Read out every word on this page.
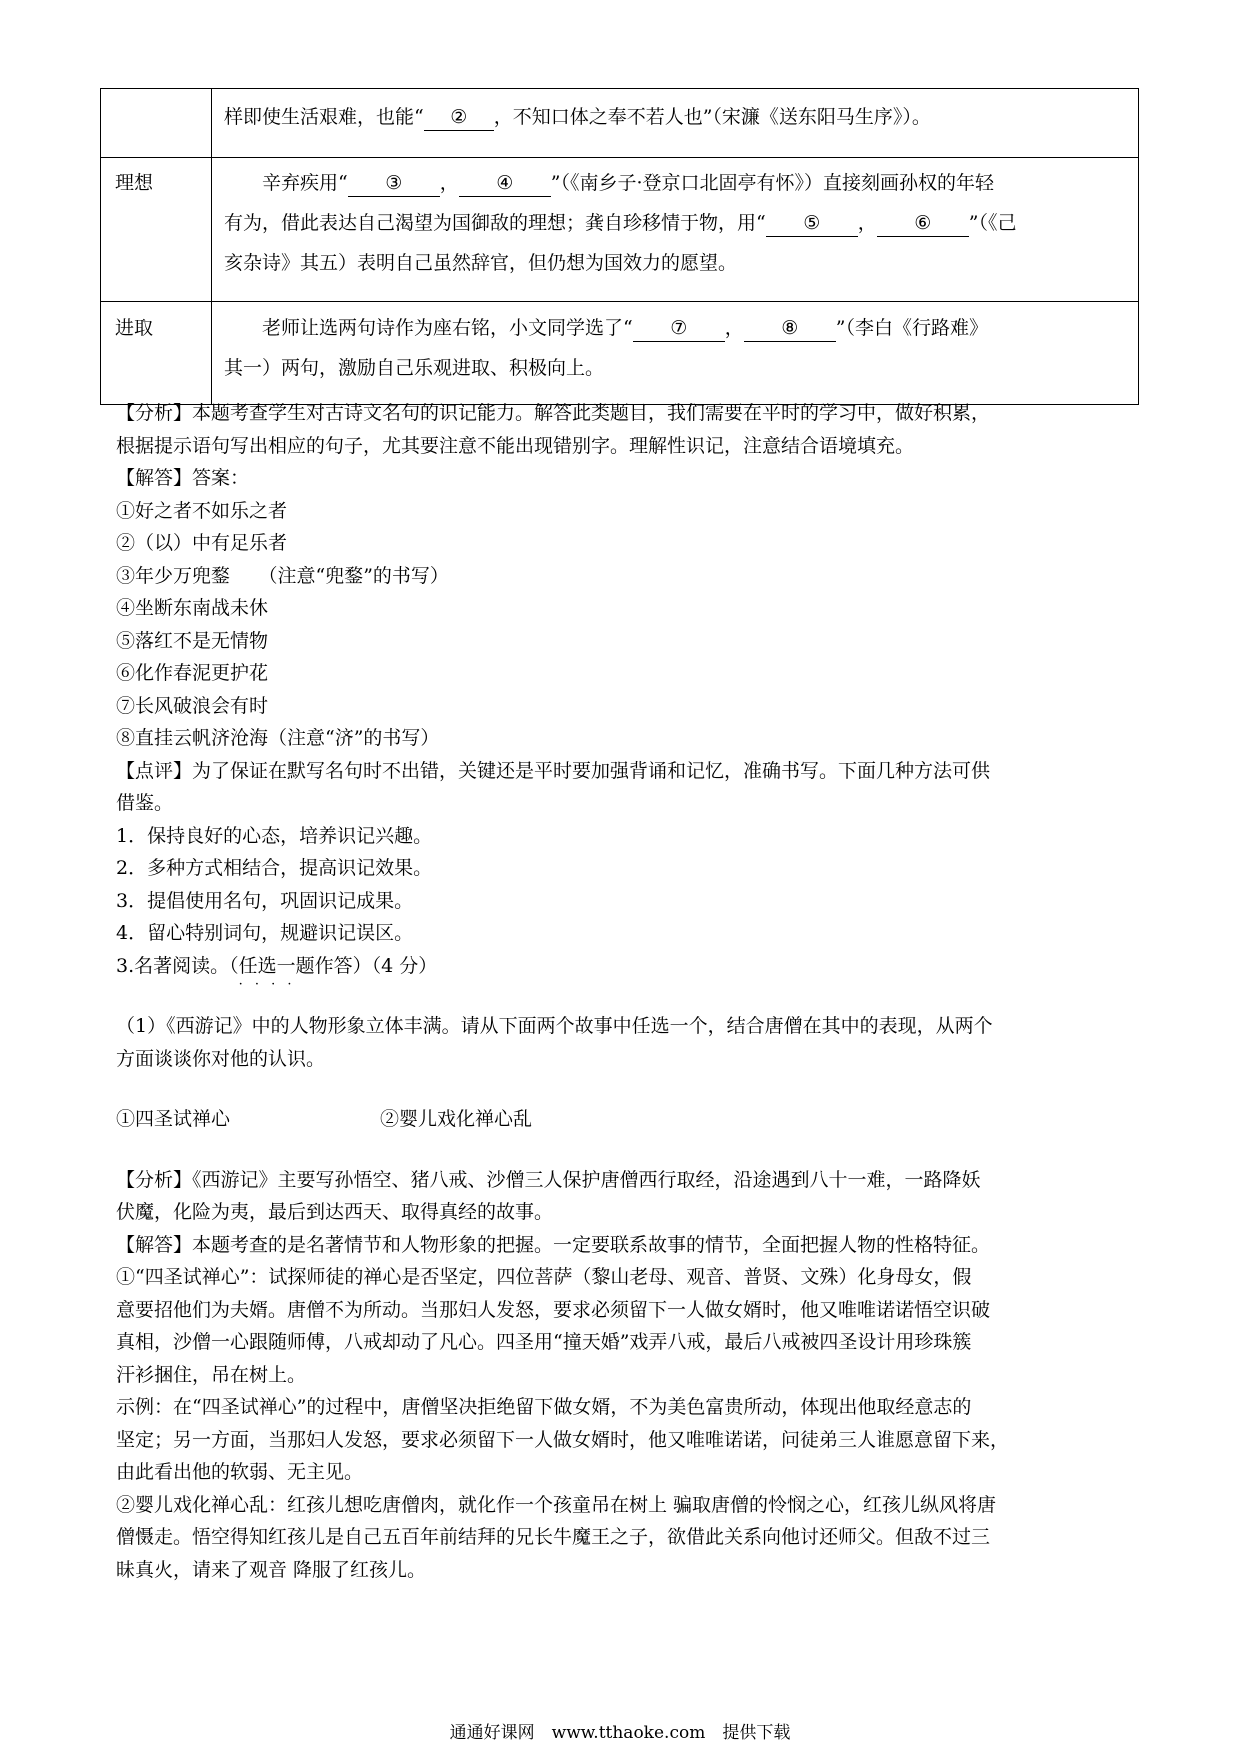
	样即使生活艰难，也能“ ② ，不知口体之奉不若人也”（宋濂《送东阳马生序》）。
理想	辛弃疾用“ ③ ， ④ ”（《南乡子·登京口北固亭有怀》）直接刻画孙权的年轻
有为，借此表达自己渴望为国御敌的理想；龚自珍移情于物，用“ ⑤ ， ⑥ ”（《己
亥杂诗》其五）表明自己虽然辞官，但仍想为国效力的愿望。

进取	老师让选两句诗作为座右铭，小文同学选了“ ⑦ ， ⑧ ”（李白《行路难》
其一）两句，激励自己乐观进取、积极向上。
【分析】本题考查学生对古诗文名句的识记能力。解答此类题目，我们需要在平时的学习中，做好积累，
根据提示语句写出相应的句子，尤其要注意不能出现错别字。理解性识记，注意结合语境填充。
【解答】答案：
①好之者不如乐之者
②（以）中有足乐者
③年少万兜鍪　　（注意“兜鍪”的书写）
④坐断东南战未休
⑤落红不是无情物
⑥化作春泥更护花
⑦长风破浪会有时
⑧直挂云帆济沧海（注意“济”的书写）
【点评】为了保证在默写名句时不出错，关键还是平时要加强背诵和记忆，准确书写。下面几种方法可供
借鉴。
1．保持良好的心态，培养识记兴趣。
2．多种方式相结合，提高识记效果。
3．提倡使用名句，巩固识记成果。
4．留心特别词句，规避识记误区。
3.名著阅读。（任选一题 · · · ·作答）（4 分）
（1）《西游记》中的人物形象立体丰满。请从下面两个故事中任选一个，结合唐僧在其中的表现，从两个
方面谈谈你对他的认识。
①四圣试禅心	②婴儿戏化禅心乱
【分析】《西游记》主要写孙悟空、猪八戒、沙僧三人保护唐僧西行取经，沿途遇到八十一难，一路降妖
伏魔，化险为夷，最后到达西天、取得真经的故事。
【解答】本题考查的是名著情节和人物形象的把握。一定要联系故事的情节，全面把握人物的性格特征。
①“四圣试禅心”：试探师徒的禅心是否坚定，四位菩萨（黎山老母、观音、普贤、文殊）化身母女，假
意要招他们为夫婿。唐僧不为所动。当那妇人发怒，要求必须留下一人做女婿时，他又唯唯诺诺悟空识破
真相，沙僧一心跟随师傅，八戒却动了凡心。四圣用“撞天婚”戏弄八戒，最后八戒被四圣设计用珍珠簇
汗衫捆住，吊在树上。
示例：在“四圣试禅心”的过程中，唐僧坚决拒绝留下做女婿，不为美色富贵所动，体现出他取经意志的
坚定；另一方面，当那妇人发怒，要求必须留下一人做女婿时，他又唯唯诺诺，问徒弟三人谁愿意留下来，
由此看出他的软弱、无主见。
②婴儿戏化禅心乱：红孩儿想吃唐僧肉，就化作一个孩童吊在树上 骗取唐僧的怜悯之心，红孩儿纵风将唐
僧慑走。悟空得知红孩儿是自己五百年前结拜的兄长牛魔王之子，欲借此关系向他讨还师父。但敌不过三
昧真火，请来了观音 降服了红孩儿。
通通好课网　www.tthaoke.com　提供下载
